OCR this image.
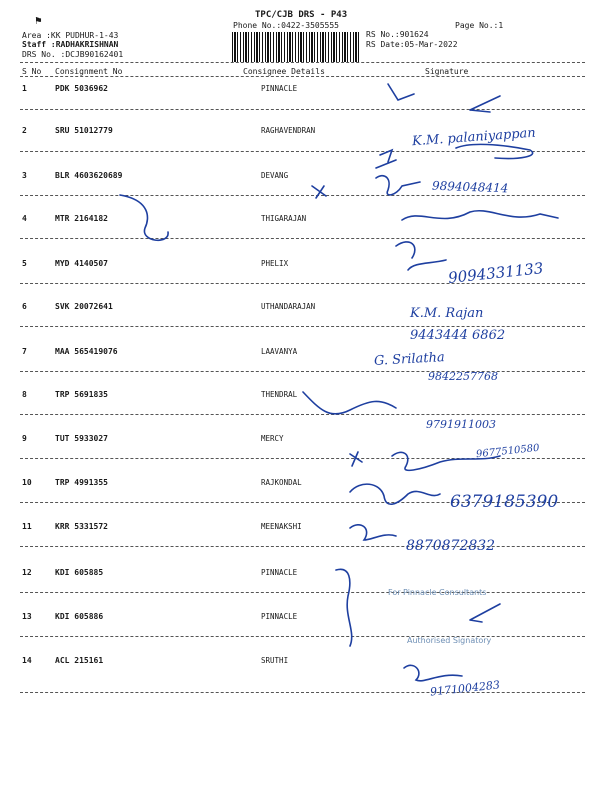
TPC/CJB DRS - P43
Phone No.:0422-3505555
Area :KK PUDHUR-1-43
Staff :RADHAKRISHNAN
DRS No. :DCJB90162401
RS No.:901624
RS Date:05-Mar-2022
Page No.:1
⚑
S No Consignment No	Consignee Details	Signature
1	PDK 5036962	PINNACLE
2	SRU 51012779	RAGHAVENDRAN
3	BLR 4603620689	DEVANG
4	MTR 2164182	THIGARAJAN
5	MYD 4140507	PHELIX
6	SVK 20072641	UTHANDARAJAN
7	MAA 565419076	LAAVANYA
8	TRP 5691835	THENDRAL
9	TUT 5933027	MERCY
10	TRP 4991355	RAJKONDAL
11	KRR 5331572	MEENAKSHI
12	KDI 605885	PINNACLE
13	KDI 605886	PINNACLE
14	ACL 215161	SRUTHI
For Pinnacle Consultants
Authorised Signatory
K.M. palaniyappan
9894048414
9094331133
K.M. Rajan
9443444 6862
G. Srilatha
9842257768
9791911003
9677510580
6379185390
8870872832
9171004283
